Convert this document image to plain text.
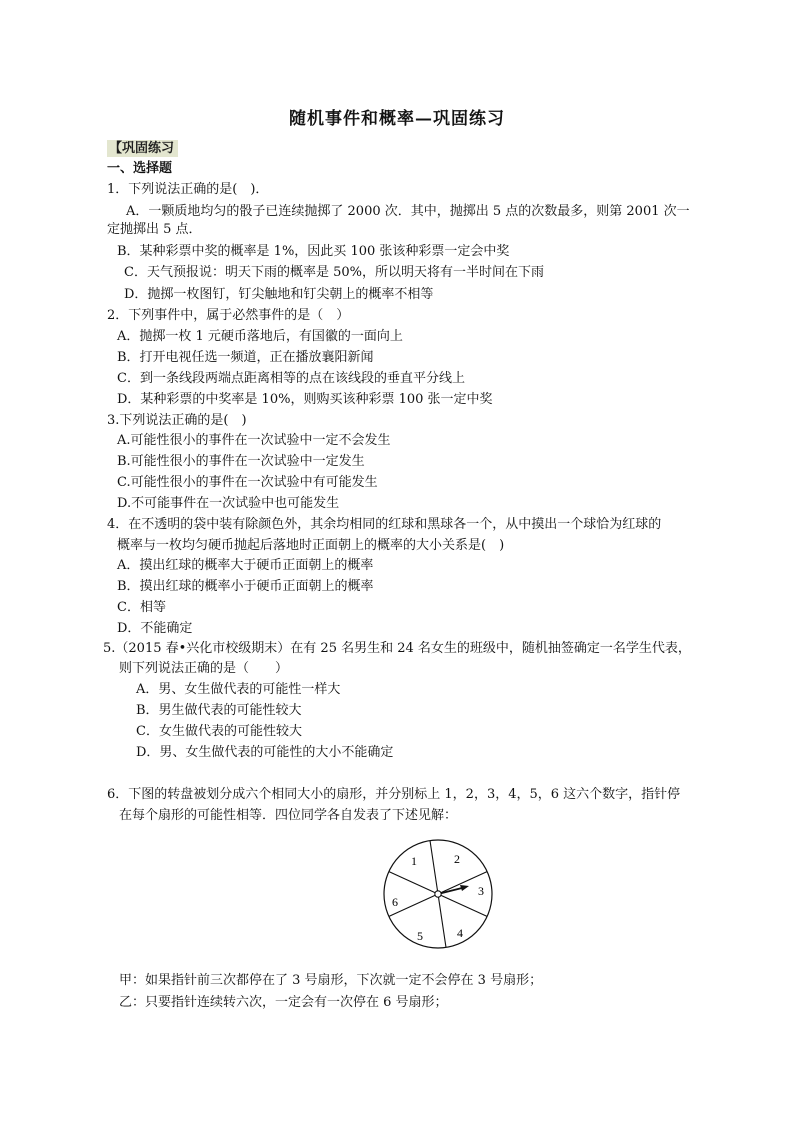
随机事件和概率—巩固练习
【巩固练习
一、选择题
1．下列说法正确的是(　)．
A．一颗质地均匀的骰子已连续抛掷了 2000 次．其中，抛掷出 5 点的次数最多，则第 2001 次一
定抛掷出 5 点．
B．某种彩票中奖的概率是 1%，因此买 100 张该种彩票一定会中奖
C．天气预报说：明天下雨的概率是 50%，所以明天将有一半时间在下雨
D．抛掷一枚图钉，钉尖触地和钉尖朝上的概率不相等
2．下列事件中，属于必然事件的是（　）
A．抛掷一枚 1 元硬币落地后，有国徽的一面向上
B．打开电视任选一频道，正在播放襄阳新闻
C．到一条线段两端点距离相等的点在该线段的垂直平分线上
D．某种彩票的中奖率是 10%，则购买该种彩票 100 张一定中奖
3.下列说法正确的是(　)
A.可能性很小的事件在一次试验中一定不会发生
B.可能性很小的事件在一次试验中一定发生
C.可能性很小的事件在一次试验中有可能发生
D.不可能事件在一次试验中也可能发生
4．在不透明的袋中装有除颜色外，其余均相同的红球和黑球各一个，从中摸出一个球恰为红球的
概率与一枚均匀硬币抛起后落地时正面朝上的概率的大小关系是(　)
A．摸出红球的概率大于硬币正面朝上的概率
B．摸出红球的概率小于硬币正面朝上的概率
C．相等
D．不能确定
5.（2015 春•兴化市校级期末）在有 25 名男生和 24 名女生的班级中，随机抽签确定一名学生代表，
则下列说法正确的是（　　）
A．男、女生做代表的可能性一样大
B．男生做代表的可能性较大
C．女生做代表的可能性较大
D．男、女生做代表的可能性的大小不能确定
6．下图的转盘被划分成六个相同大小的扇形，并分别标上 1，2，3，4，5，6 这六个数字，指针停
在每个扇形的可能性相等．四位同学各自发表了下述见解：
1	2
3
4
5
6
甲：如果指针前三次都停在了 3 号扇形，下次就一定不会停在 3 号扇形；
乙：只要指针连续转六次，一定会有一次停在 6 号扇形；
